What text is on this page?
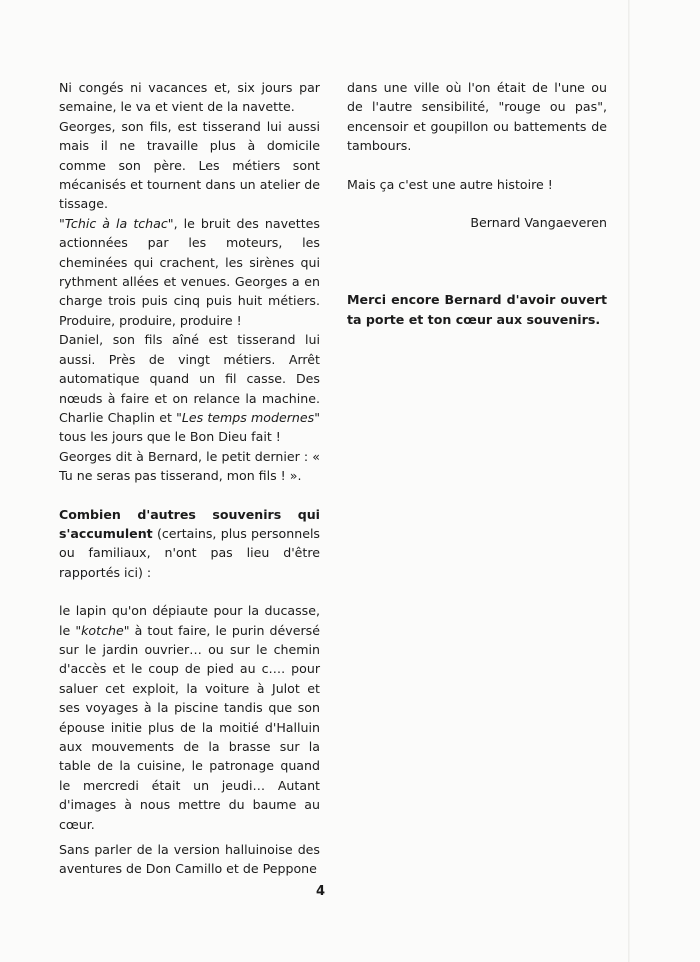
Ni congés ni vacances et, six jours par semaine, le va et vient de la navette.

Georges, son fils, est tisserand lui aussi mais il ne travaille plus à domicile comme son père. Les métiers sont mécanisés et tournent dans un atelier de tissage.

"Tchic à la tchac", le bruit des navettes actionnées par les moteurs, les cheminées qui crachent, les sirènes qui rythment allées et venues. Georges a en charge trois puis cinq puis huit métiers. Produire, produire, produire !

Daniel, son fils aîné est tisserand lui aussi. Près de vingt métiers. Arrêt automatique quand un fil casse. Des nœuds à faire et on relance la machine. Charlie Chaplin et "Les temps modernes" tous les jours que le Bon Dieu fait !

Georges dit à Bernard, le petit dernier : « Tu ne seras pas tisserand, mon fils ! ».

Combien d'autres souvenirs qui s'accumulent (certains, plus personnels ou familiaux, n'ont pas lieu d'être rapportés ici) :

le lapin qu'on dépiaute pour la ducasse, le "kotche" à tout faire, le purin déversé sur le jardin ouvrier… ou sur le chemin d'accès et le coup de pied au c…. pour saluer cet exploit, la voiture à Julot et ses voyages à la piscine tandis que son épouse initie plus de la moitié d'Halluin aux mouvements de la brasse sur la table de la cuisine, le patronage quand le mercredi était un jeudi… Autant d'images à nous mettre du baume au cœur.

Sans parler de la version halluinoise des aventures de Don Camillo et de Peppone

dans une ville où l'on était de l'une ou de l'autre sensibilité, "rouge ou pas", encensoir et goupillon ou battements de tambours.

Mais ça c'est une autre histoire !

Bernard Vangaeveren

Merci encore Bernard d'avoir ouvert ta porte et ton cœur aux souvenirs.

4
